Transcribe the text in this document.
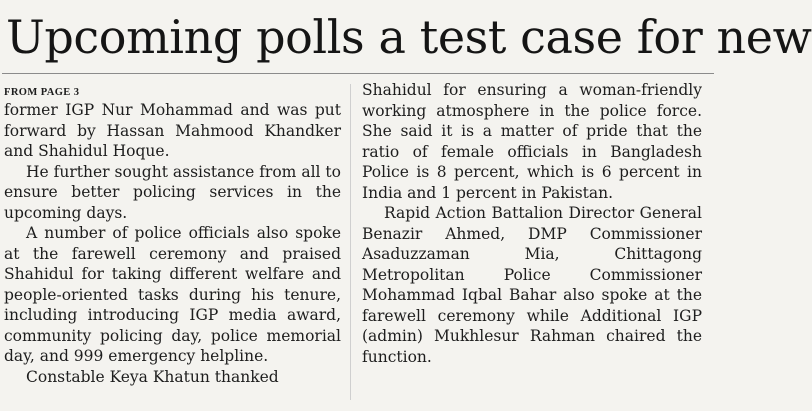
Upcoming polls a test case for new
FROM PAGE 3

former IGP Nur Mohammad and was put forward by Hassan Mahmood Khandker and Shahidul Hoque.

He further sought assistance from all to ensure better policing services in the upcoming days.

A number of police officials also spoke at the farewell ceremony and praised Shahidul for taking different welfare and people-oriented tasks during his tenure, including introducing IGP media award, community policing day, police memorial day, and 999 emergency helpline.

Constable Keya Khatun thanked

Shahidul for ensuring a woman-friendly working atmosphere in the police force. She said it is a matter of pride that the ratio of female officials in Bangladesh Police is 8 percent, which is 6 percent in India and 1 percent in Pakistan.

Rapid Action Battalion Director General Benazir Ahmed, DMP Commissioner Asaduzzaman Mia, Chittagong Metropolitan Police Commissioner Mohammad Iqbal Bahar also spoke at the farewell ceremony while Additional IGP (admin) Mukhlesur Rahman chaired the function.
